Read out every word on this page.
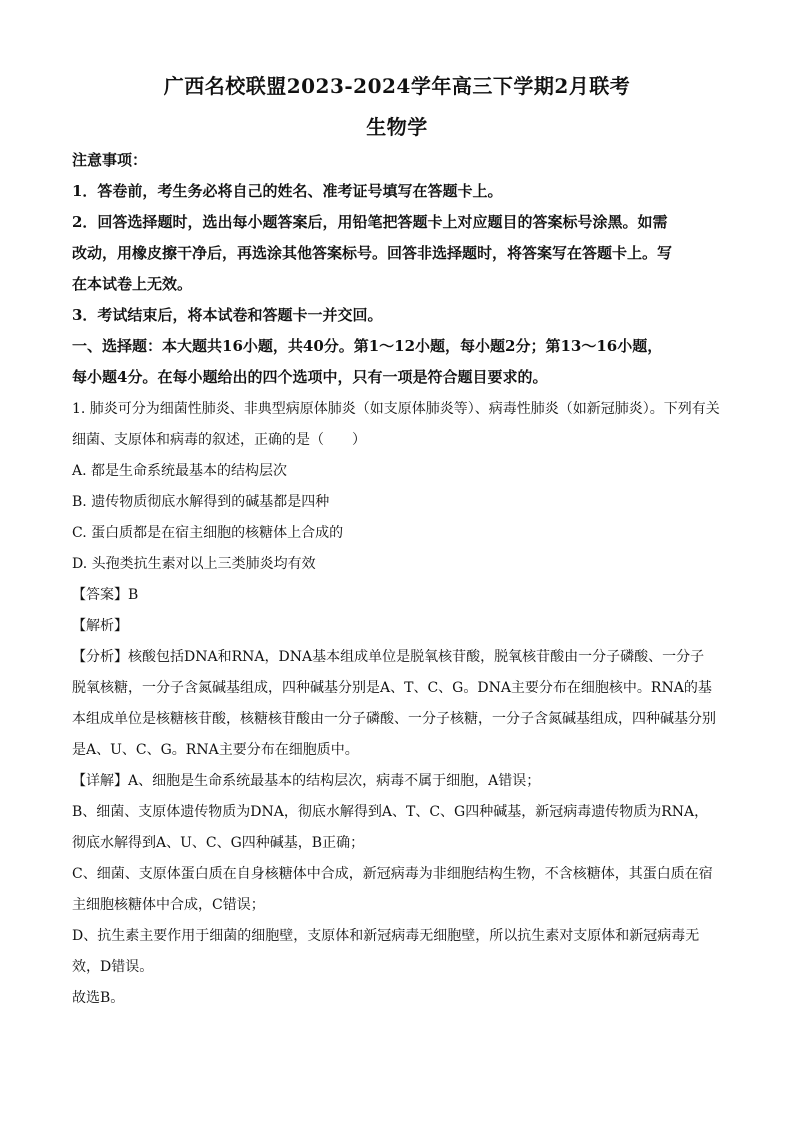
广西名校联盟2023-2024学年高三下学期2月联考
生物学
注意事项：
1．答卷前，考生务必将自己的姓名、准考证号填写在答题卡上。
2．回答选择题时，选出每小题答案后，用铅笔把答题卡上对应题目的答案标号涂黑。如需
改动，用橡皮擦干净后，再选涂其他答案标号。回答非选择题时，将答案写在答题卡上。写
在本试卷上无效。
3．考试结束后，将本试卷和答题卡一并交回。
一、选择题：本大题共16小题，共40分。第1～12小题，每小题2分；第13～16小题，
每小题4分。在每小题给出的四个选项中，只有一项是符合题目要求的。
1. 肺炎可分为细菌性肺炎、非典型病原体肺炎（如支原体肺炎等）、病毒性肺炎（如新冠肺炎）。下列有关
细菌、支原体和病毒的叙述，正确的是（　　）
A. 都是生命系统最基本的结构层次
B. 遗传物质彻底水解得到的碱基都是四种
C. 蛋白质都是在宿主细胞的核糖体上合成的
D. 头孢类抗生素对以上三类肺炎均有效
【答案】B
【解析】
【分析】核酸包括DNA和RNA，DNA基本组成单位是脱氧核苷酸，脱氧核苷酸由一分子磷酸、一分子
脱氧核糖，一分子含氮碱基组成，四种碱基分别是A、T、C、G。DNA主要分布在细胞核中。RNA的基
本组成单位是核糖核苷酸，核糖核苷酸由一分子磷酸、一分子核糖，一分子含氮碱基组成，四种碱基分别
是A、U、C、G。RNA主要分布在细胞质中。
【详解】A、细胞是生命系统最基本的结构层次，病毒不属于细胞，A错误；
B、细菌、支原体遗传物质为DNA，彻底水解得到A、T、C、G四种碱基，新冠病毒遗传物质为RNA，
彻底水解得到A、U、C、G四种碱基，B正确；
C、细菌、支原体蛋白质在自身核糖体中合成，新冠病毒为非细胞结构生物，不含核糖体，其蛋白质在宿
主细胞核糖体中合成，C错误；
D、抗生素主要作用于细菌的细胞壁，支原体和新冠病毒无细胞壁，所以抗生素对支原体和新冠病毒无
效，D错误。
故选B。
